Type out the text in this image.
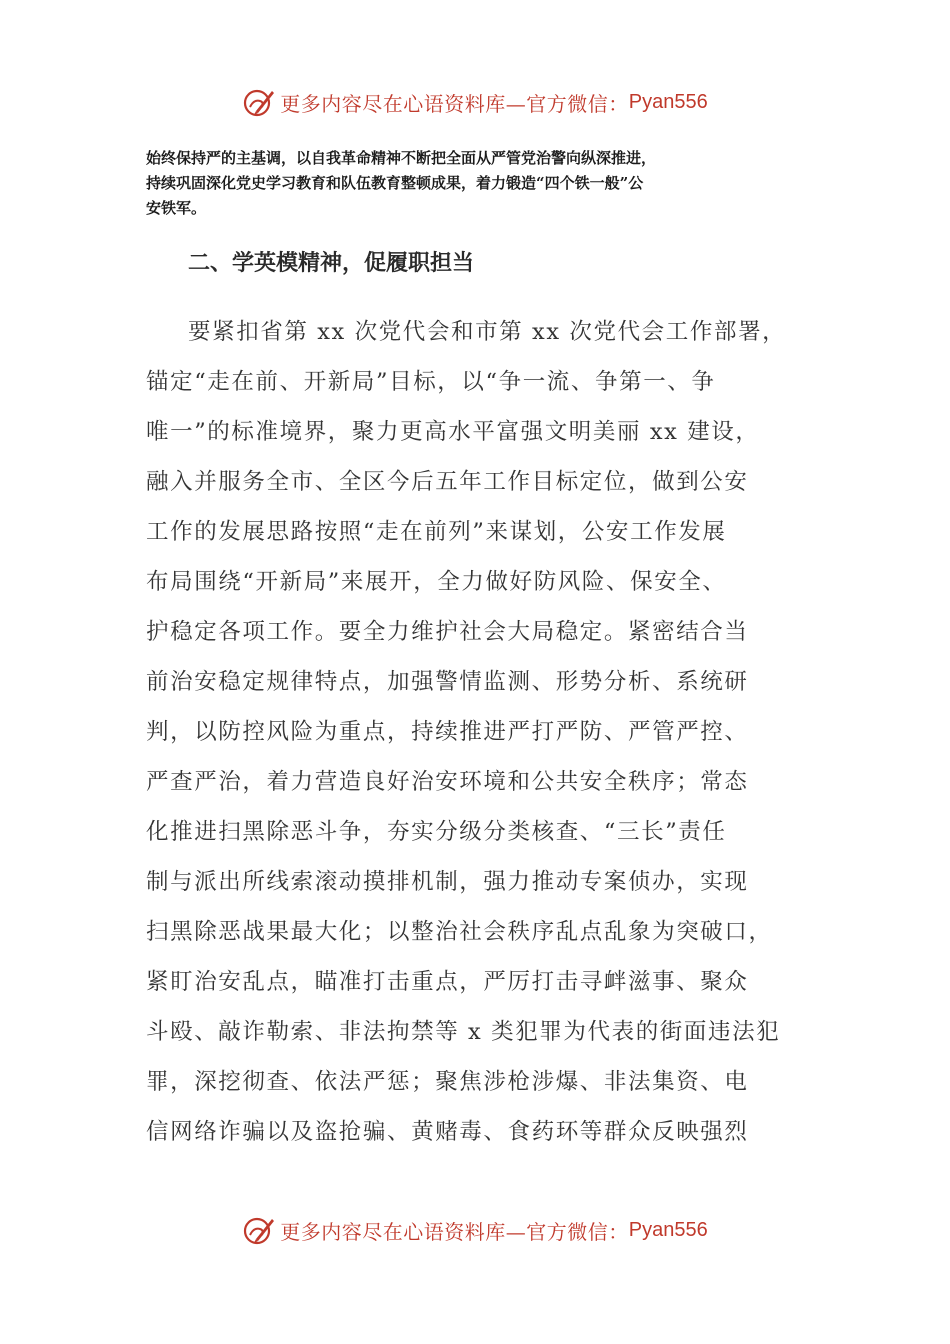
更多内容尽在心语资料库—官方微信： Pyan556

始终保持严的主基调，以自我革命精神不断把全面从严管党治警向纵深推进，
持续巩固深化党史学习教育和队伍教育整顿成果，着力锻造“四个铁一般”公
安铁军。

二、学英模精神，促履职担当

要紧扣省第 xx 次党代会和市第 xx 次党代会工作部署，
锚定“走在前、开新局”目标，以“争一流、争第一、争
唯一”的标准境界，聚力更高水平富强文明美丽 xx 建设，
融入并服务全市、全区今后五年工作目标定位，做到公安
工作的发展思路按照“走在前列”来谋划，公安工作发展
布局围绕“开新局”来展开，全力做好防风险、保安全、
护稳定各项工作。要全力维护社会大局稳定。紧密结合当
前治安稳定规律特点，加强警情监测、形势分析、系统研
判，以防控风险为重点，持续推进严打严防、严管严控、
严查严治，着力营造良好治安环境和公共安全秩序；常态
化推进扫黑除恶斗争，夯实分级分类核查、“三长”责任
制与派出所线索滚动摸排机制，强力推动专案侦办，实现
扫黑除恶战果最大化；以整治社会秩序乱点乱象为突破口，
紧盯治安乱点，瞄准打击重点，严厉打击寻衅滋事、聚众
斗殴、敲诈勒索、非法拘禁等 x 类犯罪为代表的街面违法犯
罪，深挖彻查、依法严惩；聚焦涉枪涉爆、非法集资、电
信网络诈骗以及盗抢骗、黄赌毒、食药环等群众反映强烈

更多内容尽在心语资料库—官方微信： Pyan556
